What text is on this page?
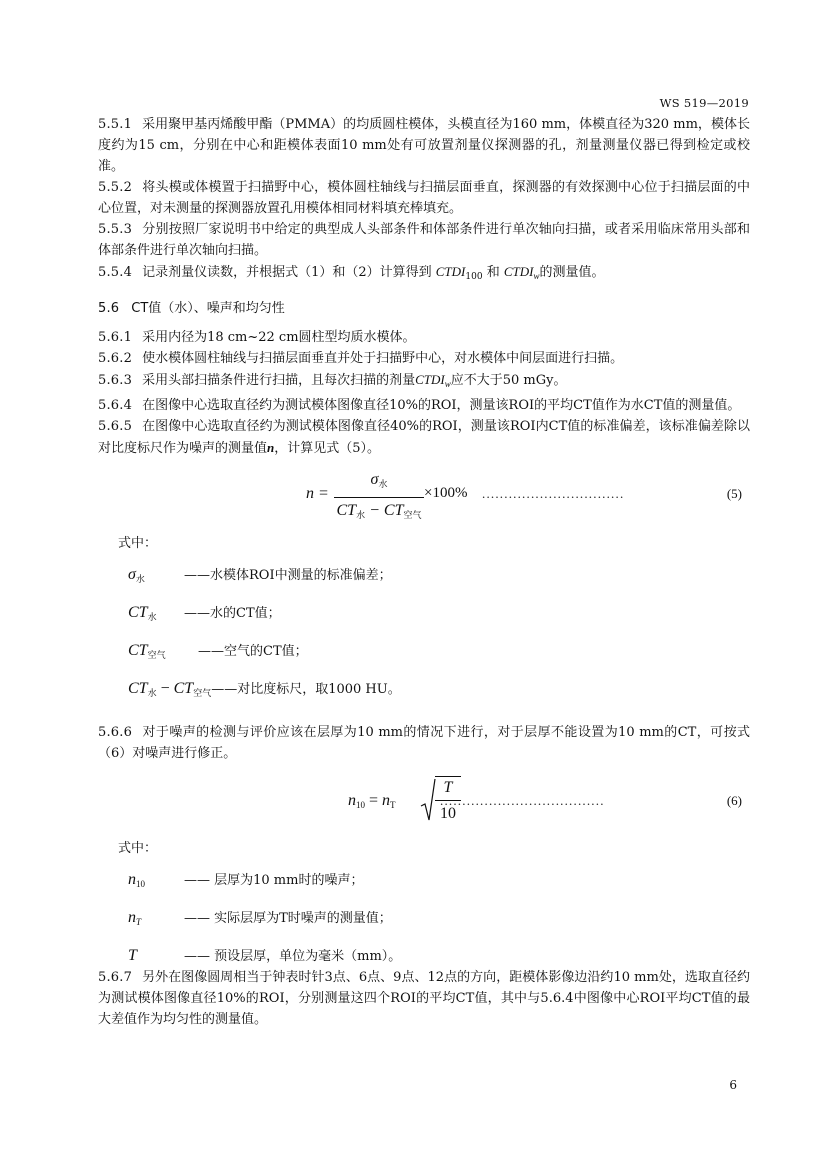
WS 519—2019

5.5.1 采用聚甲基丙烯酸甲酯（PMMA）的均质圆柱模体，头模直径为160 mm，体模直径为320 mm，模体长度约为15 cm，分别在中心和距模体表面10 mm处有可放置剂量仪探测器的孔，剂量测量仪器已得到检定或校准。

5.5.2 将头模或体模置于扫描野中心，模体圆柱轴线与扫描层面垂直，探测器的有效探测中心位于扫描层面的中心位置，对未测量的探测器放置孔用模体相同材料填充棒填充。

5.5.3 分别按照厂家说明书中给定的典型成人头部条件和体部条件进行单次轴向扫描，或者采用临床常用头部和体部条件进行单次轴向扫描。

5.5.4 记录剂量仪读数，并根据式（1）和（2）计算得到 $CTDI_{100}$ 和 $CTDI_w$的测量值。

5.6 CT值（水）、噪声和均匀性

5.6.1 采用内径为18 cm~22 cm圆柱型均质水模体。

5.6.2 使水模体圆柱轴线与扫描层面垂直并处于扫描野中心，对水模体中间层面进行扫描。

5.6.3 采用头部扫描条件进行扫描，且每次扫描的剂量$CTDI_w$应不大于50 mGy。

5.6.4 在图像中心选取直径约为测试模体图像直径10%的ROI，测量该ROI的平均CT值作为水CT值的测量值。

5.6.5 在图像中心选取直径约为测试模体图像直径40%的ROI，测量该ROI内CT值的标准偏差，该标准偏差除以对比度标尺作为噪声的测量值n，计算见式（5）。

n =
$\sigma_水$
$CT_水 - CT_{空气}$
×100% ................................	(5)
式中：
$\sigma_水$	——水模体ROI中测量的标准偏差；
$CT_水$ ——水的CT值；
$CT_{空气}$ ——空气的CT值；
$CT_水$ − $CT_{空气}——$对比度标尺，取1000 HU。

5.6.6 对于噪声的检测与评价应该在层厚为10 mm的情况下进行，对于层厚不能设置为10 mm的CT，可按式（6）对噪声进行修正。

$n_{10} = n_T$
T
10
.....................................	(6)
式中：
$n_{10}$	—— 层厚为10 mm时的噪声；
$n_T$	—— 实际层厚为T时噪声的测量值；
T	—— 预设层厚，单位为毫米（mm）。

5.6.7 另外在图像圆周相当于钟表时针3点、6点、9点、12点的方向，距模体影像边沿约10 mm处，选取直径约为测试模体图像直径10%的ROI，分别测量这四个ROI的平均CT值，其中与5.6.4中图像中心ROI平均CT值的最大差值作为均匀性的测量值。

6
